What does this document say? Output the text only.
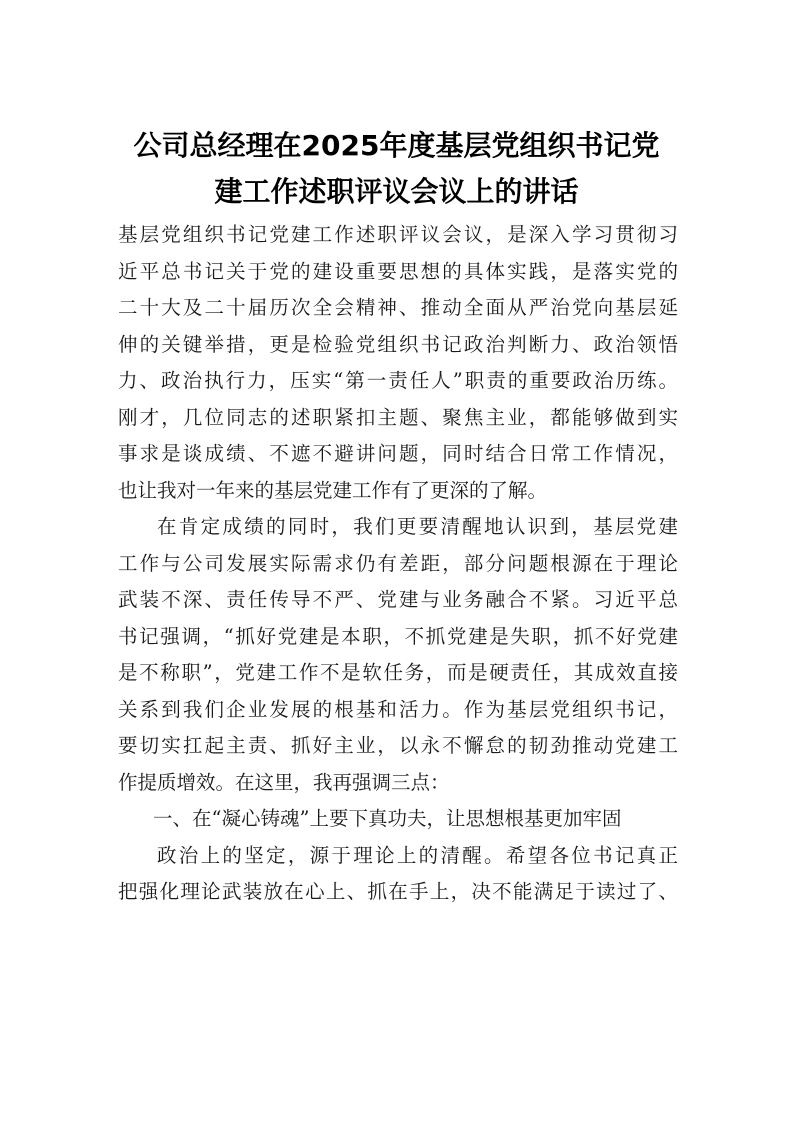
公司总经理在2025年度基层党组织书记党
建工作述职评议会议上的讲话
基层党组织书记党建工作述职评议会议，是深入学习贯彻习
近平总书记关于党的建设重要思想的具体实践，是落实党的
二十大及二十届历次全会精神、推动全面从严治党向基层延
伸的关键举措，更是检验党组织书记政治判断力、政治领悟
力、政治执行力，压实“第一责任人”职责的重要政治历练。
刚才，几位同志的述职紧扣主题、聚焦主业，都能够做到实
事求是谈成绩、不遮不避讲问题，同时结合日常工作情况，
也让我对一年来的基层党建工作有了更深的了解。
在肯定成绩的同时，我们更要清醒地认识到，基层党建
工作与公司发展实际需求仍有差距，部分问题根源在于理论
武装不深、责任传导不严、党建与业务融合不紧。习近平总
书记强调，“抓好党建是本职，不抓党建是失职，抓不好党建
是不称职”，党建工作不是软任务，而是硬责任，其成效直接
关系到我们企业发展的根基和活力。作为基层党组织书记，
要切实扛起主责、抓好主业，以永不懈怠的韧劲推动党建工
作提质增效。在这里，我再强调三点：
一、在“凝心铸魂”上要下真功夫，让思想根基更加牢固
政治上的坚定，源于理论上的清醒。希望各位书记真正
把强化理论武装放在心上、抓在手上，决不能满足于读过了、
